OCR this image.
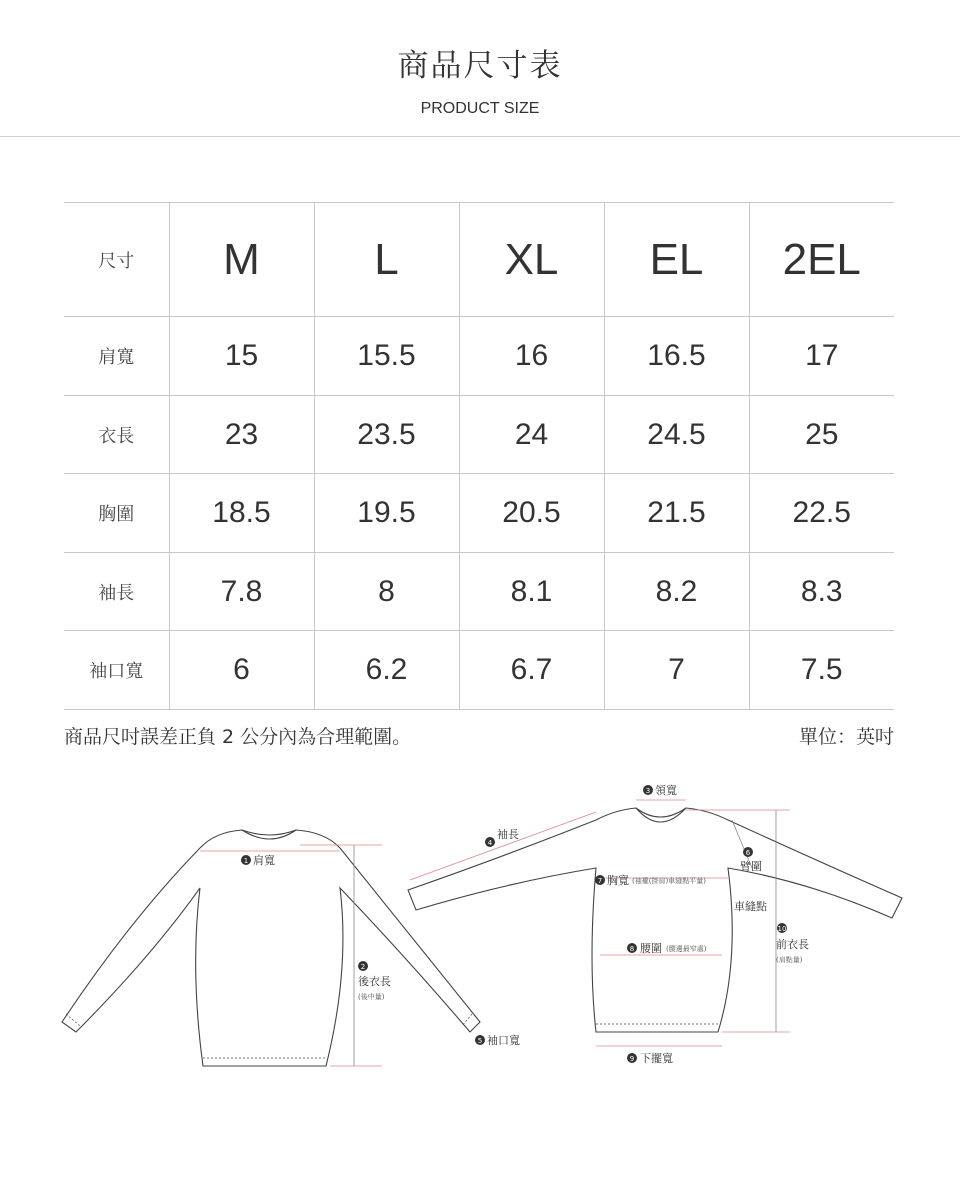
商品尺寸表
PRODUCT SIZE
尺寸	M	L	XL	EL	2EL
肩寬	15	15.5	16	16.5	17
衣長	23	23.5	24	24.5	25
胸圍	18.5	19.5	20.5	21.5	22.5
袖長	7.8	8	8.1	8.2	8.3
袖口寬	6	6.2	6.7	7	7.5
商品尺吋誤差正負 2 公分內為合理範圍。	單位：英吋
1 肩寬
2
後衣長
(後中量)
5 袖口寬
3 領寬
4
袖長
7 胸寬 (袖襱(掛肩)車縫點平量)
6
臂圍
車縫點
8 腰圍 (腰邊最窄處)
10
前衣長
(肩點量)
9 下擺寬
